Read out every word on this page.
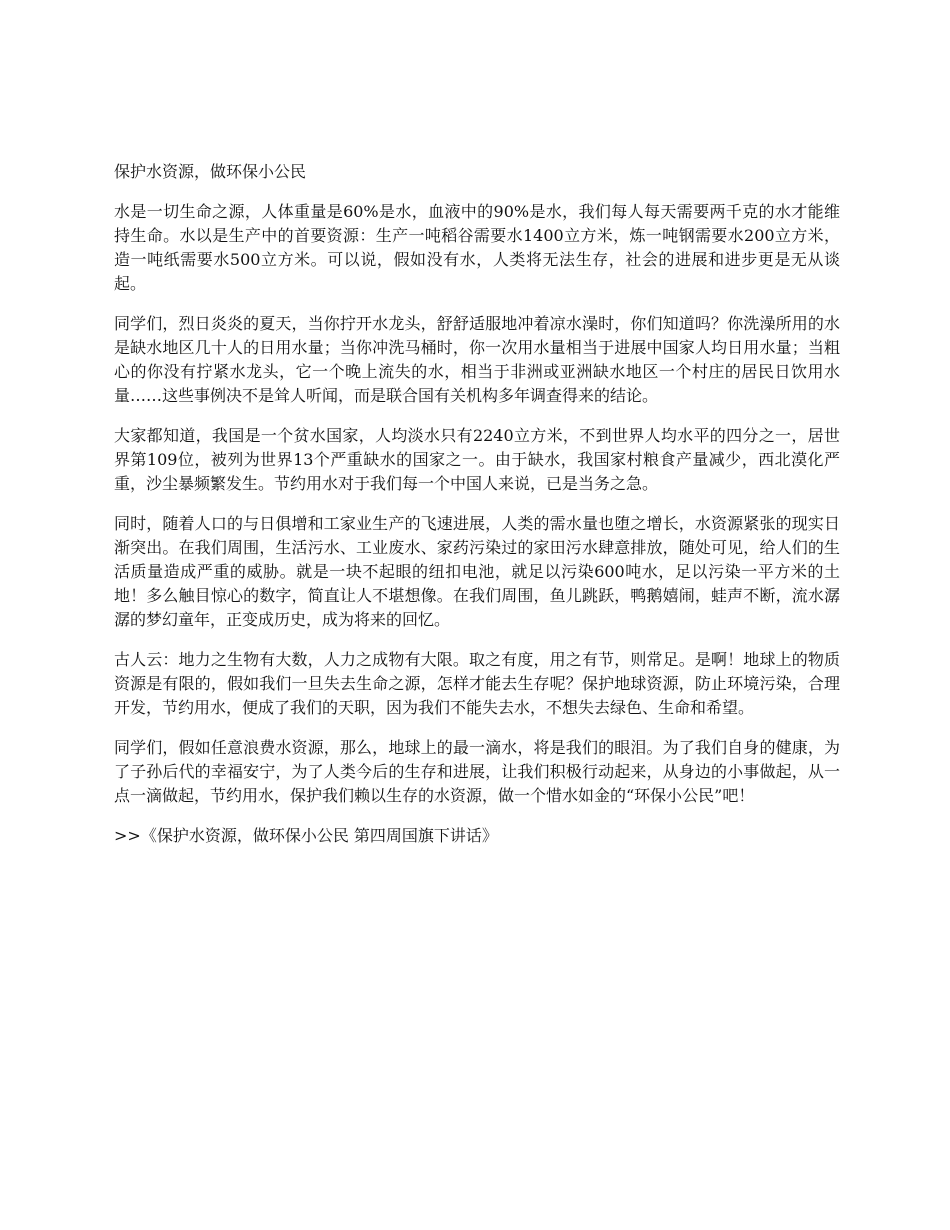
保护水资源，做环保小公民

水是一切生命之源，人体重量是60%是水，血液中的90%是水，我们每人每天需要两千克的水才能维持生命。水以是生产中的首要资源：生产一吨稻谷需要水1400立方米，炼一吨钢需要水200立方米，造一吨纸需要水500立方米。可以说，假如没有水，人类将无法生存，社会的进展和进步更是无从谈起。

同学们，烈日炎炎的夏天，当你拧开水龙头，舒舒适服地冲着凉水澡时，你们知道吗？你洗澡所用的水是缺水地区几十人的日用水量；当你冲洗马桶时，你一次用水量相当于进展中国家人均日用水量；当粗心的你没有拧紧水龙头，它一个晚上流失的水，相当于非洲或亚洲缺水地区一个村庄的居民日饮用水量……这些事例决不是耸人听闻，而是联合国有关机构多年调查得来的结论。

大家都知道，我国是一个贫水国家，人均淡水只有2240立方米，不到世界人均水平的四分之一，居世界第109位，被列为世界13个严重缺水的国家之一。由于缺水，我国家村粮食产量减少，西北漠化严重，沙尘暴频繁发生。节约用水对于我们每一个中国人来说，已是当务之急。

同时，随着人口的与日俱增和工家业生产的飞速进展，人类的需水量也堕之增长，水资源紧张的现实日渐突出。在我们周围，生活污水、工业废水、家药污染过的家田污水肆意排放，随处可见，给人们的生活质量造成严重的威胁。就是一块不起眼的纽扣电池，就足以污染600吨水，足以污染一平方米的土地！多么触目惊心的数字，简直让人不堪想像。在我们周围，鱼儿跳跃，鸭鹅嬉闹，蛙声不断，流水潺潺的梦幻童年，正变成历史，成为将来的回忆。

古人云：地力之生物有大数，人力之成物有大限。取之有度，用之有节，则常足。是啊！地球上的物质资源是有限的，假如我们一旦失去生命之源，怎样才能去生存呢？保护地球资源，防止环境污染，合理开发，节约用水，便成了我们的天职，因为我们不能失去水，不想失去绿色、生命和希望。

同学们，假如任意浪费水资源，那么，地球上的最一滴水，将是我们的眼泪。为了我们自身的健康，为了子孙后代的幸福安宁，为了人类今后的生存和进展，让我们积极行动起来，从身边的小事做起，从一点一滴做起，节约用水，保护我们赖以生存的水资源，做一个惜水如金的“环保小公民”吧！

>>《保护水资源，做环保小公民 第四周国旗下讲话》
